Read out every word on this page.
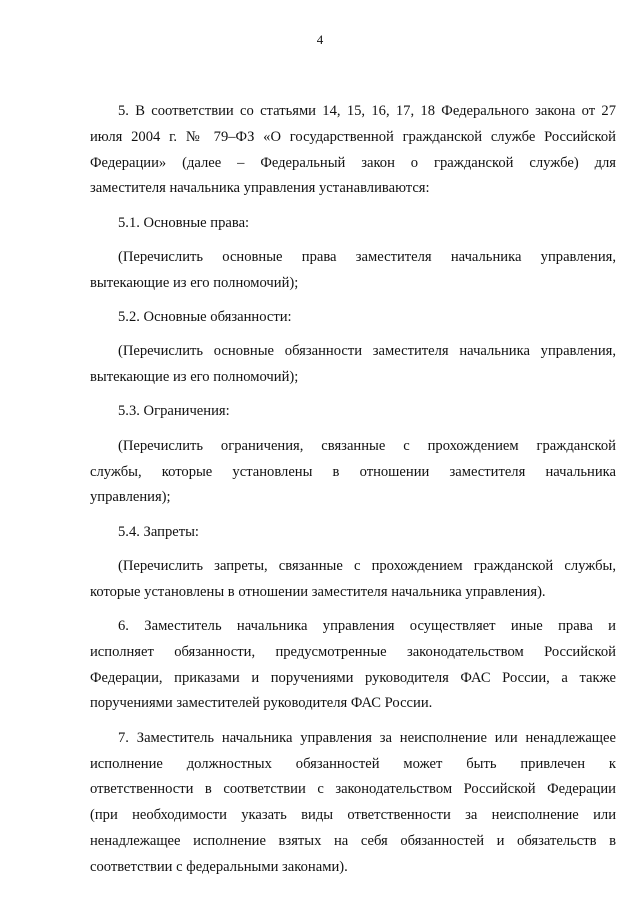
4
5. В соответствии со статьями 14, 15, 16, 17, 18 Федерального закона от 27
июля 2004 г. № 79–ФЗ «О государственной гражданской службе Российской
Федерации» (далее – Федеральный закон о гражданской службе) для
заместителя начальника управления устанавливаются:
5.1. Основные права:
(Перечислить основные права заместителя начальника управления,
вытекающие из его полномочий);
5.2. Основные обязанности:
(Перечислить основные обязанности заместителя начальника управления,
вытекающие из его полномочий);
5.3. Ограничения:
(Перечислить ограничения, связанные с прохождением гражданской
службы, которые установлены в отношении заместителя начальника
управления);
5.4. Запреты:
(Перечислить запреты, связанные с прохождением гражданской службы,
которые установлены в отношении заместителя начальника управления).
6. Заместитель начальника управления осуществляет иные права и
исполняет обязанности, предусмотренные законодательством Российской
Федерации, приказами и поручениями руководителя ФАС России, а также
поручениями заместителей руководителя ФАС России.
7. Заместитель начальника управления за неисполнение или ненадлежащее
исполнение должностных обязанностей может быть привлечен к
ответственности в соответствии с законодательством Российской Федерации
(при необходимости указать виды ответственности за неисполнение или
ненадлежащее исполнение взятых на себя обязанностей и обязательств в
соответствии с федеральными законами).
